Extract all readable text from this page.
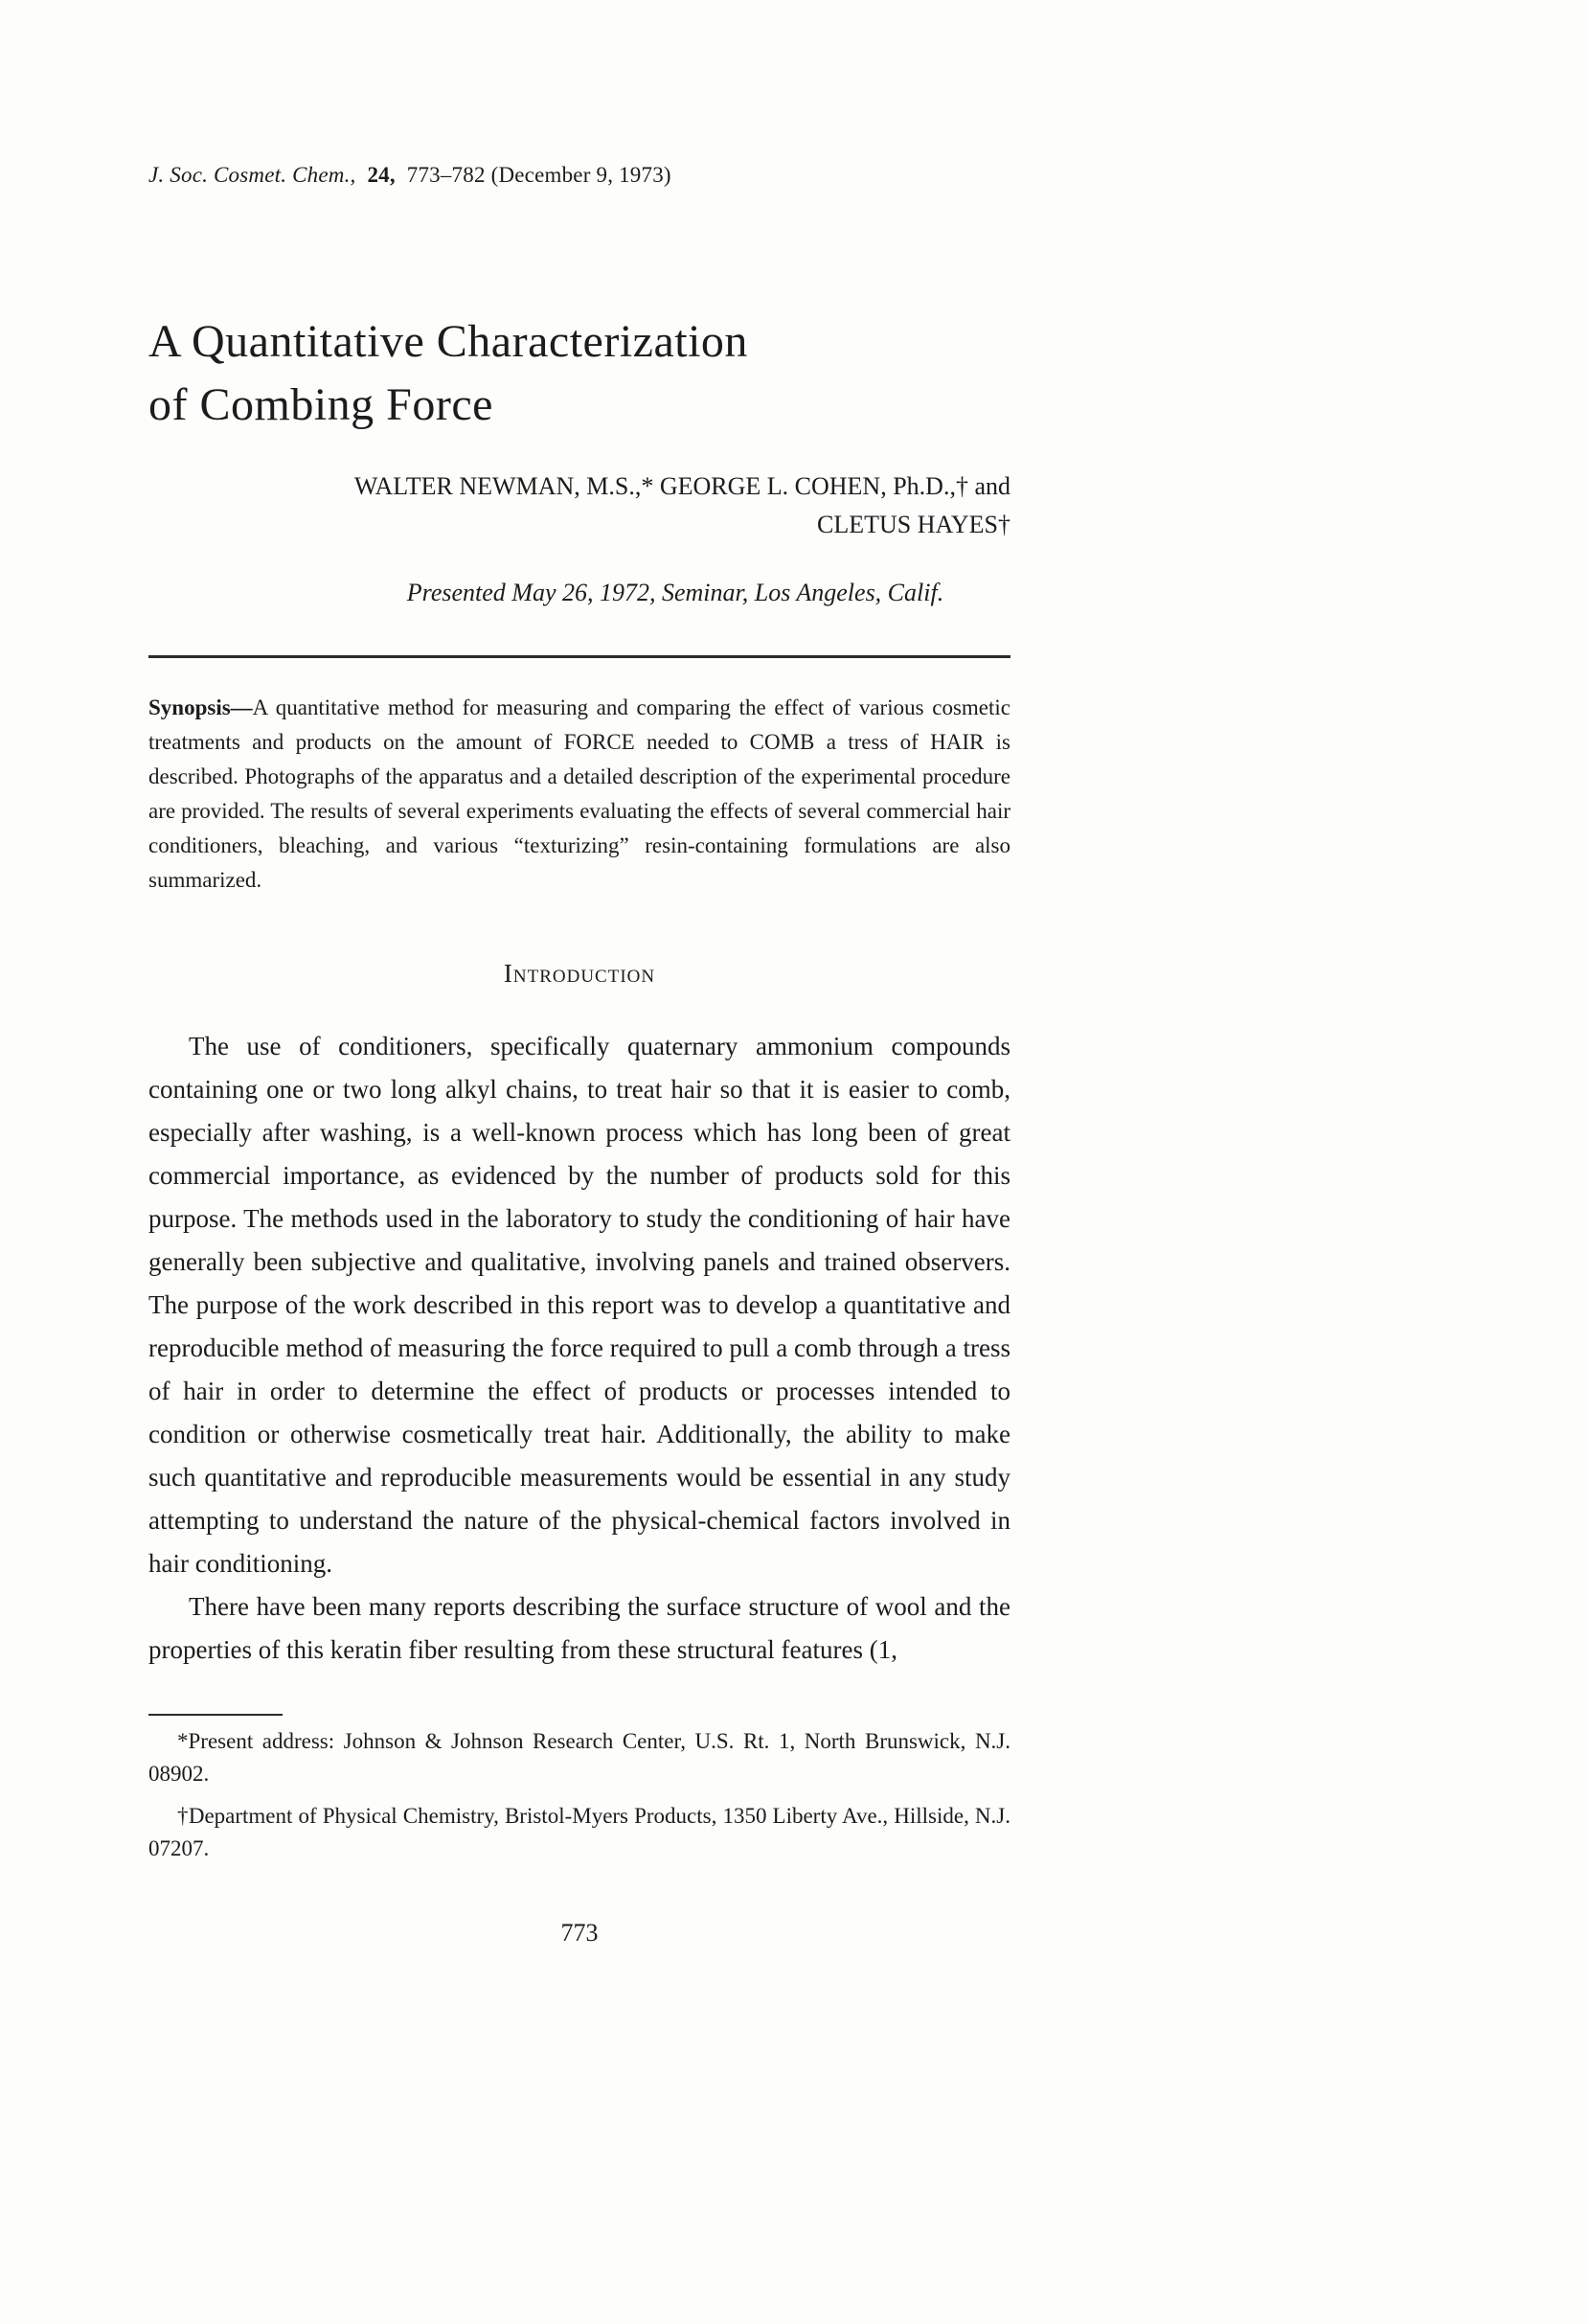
J. Soc. Cosmet. Chem., 24, 773–782 (December 9, 1973)
A Quantitative Characterization
of Combing Force
WALTER NEWMAN, M.S.,* GEORGE L. COHEN, Ph.D.,† and
CLETUS HAYES†
Presented May 26, 1972, Seminar, Los Angeles, Calif.

Synopsis—A quantitative method for measuring and comparing the effect of various cosmetic treatments and products on the amount of FORCE needed to COMB a tress of HAIR is described. Photographs of the apparatus and a detailed description of the experimental procedure are provided. The results of several experiments evaluating the effects of several commercial hair conditioners, bleaching, and various “texturizing” resin-containing formulations are also summarized.

Introduction

The use of conditioners, specifically quaternary ammonium compounds containing one or two long alkyl chains, to treat hair so that it is easier to comb, especially after washing, is a well-known process which has long been of great commercial importance, as evidenced by the number of products sold for this purpose. The methods used in the laboratory to study the conditioning of hair have generally been subjective and qualitative, involving panels and trained observers. The purpose of the work described in this report was to develop a quantitative and reproducible method of measuring the force required to pull a comb through a tress of hair in order to determine the effect of products or processes intended to condition or otherwise cosmetically treat hair. Additionally, the ability to make such quantitative and reproducible measurements would be essential in any study attempting to understand the nature of the physical-chemical factors involved in hair conditioning.

There have been many reports describing the surface structure of wool and the properties of this keratin fiber resulting from these structural features (1,

*Present address: Johnson & Johnson Research Center, U.S. Rt. 1, North Brunswick, N.J. 08902.

†Department of Physical Chemistry, Bristol-Myers Products, 1350 Liberty Ave., Hillside, N.J. 07207.

773
